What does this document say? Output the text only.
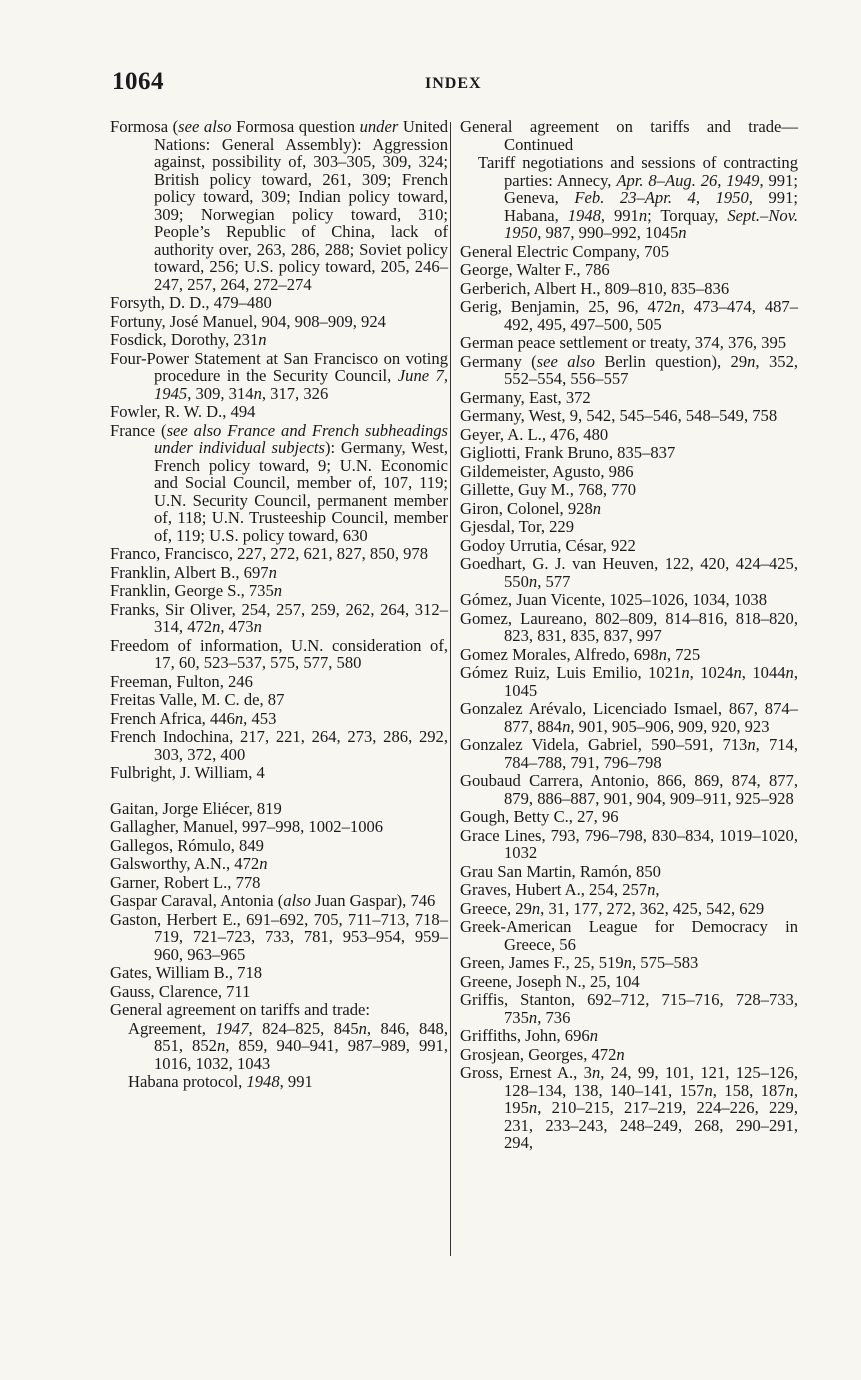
1064	INDEX
Formosa (see also Formosa question under United Nations: General Assembly): Aggression against, possibility of, 303–305, 309, 324; British policy toward, 261, 309; French policy toward, 309; Indian policy toward, 309; Norwegian policy toward, 310; People’s Republic of China, lack of authority over, 263, 286, 288; Soviet policy toward, 256; U.S. policy toward, 205, 246–247, 257, 264, 272–274
Forsyth, D. D., 479–480
Fortuny, José Manuel, 904, 908–909, 924
Fosdick, Dorothy, 231n
Four-Power Statement at San Francisco on voting procedure in the Security Council, June 7, 1945, 309, 314n, 317, 326
Fowler, R. W. D., 494
France (see also France and French subheadings under individual subjects): Germany, West, French policy toward, 9; U.N. Economic and Social Council, member of, 107, 119; U.N. Security Council, permanent member of, 118; U.N. Trusteeship Council, member of, 119; U.S. policy toward, 630
Franco, Francisco, 227, 272, 621, 827, 850, 978
Franklin, Albert B., 697n
Franklin, George S., 735n
Franks, Sir Oliver, 254, 257, 259, 262, 264, 312–314, 472n, 473n
Freedom of information, U.N. consideration of, 17, 60, 523–537, 575, 577, 580
Freeman, Fulton, 246
Freitas Valle, M. C. de, 87
French Africa, 446n, 453
French Indochina, 217, 221, 264, 273, 286, 292, 303, 372, 400
Fulbright, J. William, 4
Gaitan, Jorge Eliécer, 819
Gallagher, Manuel, 997–998, 1002–1006
Gallegos, Rómulo, 849
Galsworthy, A.N., 472n
Garner, Robert L., 778
Gaspar Caraval, Antonia (also Juan Gaspar), 746
Gaston, Herbert E., 691–692, 705, 711–713, 718–719, 721–723, 733, 781, 953–954, 959–960, 963–965
Gates, William B., 718
Gauss, Clarence, 711
General agreement on tariffs and trade:
Agreement, 1947, 824–825, 845n, 846, 848, 851, 852n, 859, 940–941, 987–989, 991, 1016, 1032, 1043
Habana protocol, 1948, 991
General agreement on tariffs and trade—Continued
Tariff negotiations and sessions of contracting parties: Annecy, Apr. 8–Aug. 26, 1949, 991; Geneva, Feb. 23–Apr. 4, 1950, 991; Habana, 1948, 991n; Torquay, Sept.–Nov. 1950, 987, 990–992, 1045n
General Electric Company, 705
George, Walter F., 786
Gerberich, Albert H., 809–810, 835–836
Gerig, Benjamin, 25, 96, 472n, 473–474, 487–492, 495, 497–500, 505
German peace settlement or treaty, 374, 376, 395
Germany (see also Berlin question), 29n, 352, 552–554, 556–557
Germany, East, 372
Germany, West, 9, 542, 545–546, 548–549, 758
Geyer, A. L., 476, 480
Gigliotti, Frank Bruno, 835–837
Gildemeister, Agusto, 986
Gillette, Guy M., 768, 770
Giron, Colonel, 928n
Gjesdal, Tor, 229
Godoy Urrutia, César, 922
Goedhart, G. J. van Heuven, 122, 420, 424–425, 550n, 577
Gómez, Juan Vicente, 1025–1026, 1034, 1038
Gomez, Laureano, 802–809, 814–816, 818–820, 823, 831, 835, 837, 997
Gomez Morales, Alfredo, 698n, 725
Gómez Ruiz, Luis Emilio, 1021n, 1024n, 1044n, 1045
Gonzalez Arévalo, Licenciado Ismael, 867, 874–877, 884n, 901, 905–906, 909, 920, 923
Gonzalez Videla, Gabriel, 590–591, 713n, 714, 784–788, 791, 796–798
Goubaud Carrera, Antonio, 866, 869, 874, 877, 879, 886–887, 901, 904, 909–911, 925–928
Gough, Betty C., 27, 96
Grace Lines, 793, 796–798, 830–834, 1019–1020, 1032
Grau San Martin, Ramón, 850
Graves, Hubert A., 254, 257n,
Greece, 29n, 31, 177, 272, 362, 425, 542, 629
Greek-American League for Democracy in Greece, 56
Green, James F., 25, 519n, 575–583
Greene, Joseph N., 25, 104
Griffis, Stanton, 692–712, 715–716, 728–733, 735n, 736
Griffiths, John, 696n
Grosjean, Georges, 472n
Gross, Ernest A., 3n, 24, 99, 101, 121, 125–126, 128–134, 138, 140–141, 157n, 158, 187n, 195n, 210–215, 217–219, 224–226, 229, 231, 233–243, 248–249, 268, 290–291, 294,
